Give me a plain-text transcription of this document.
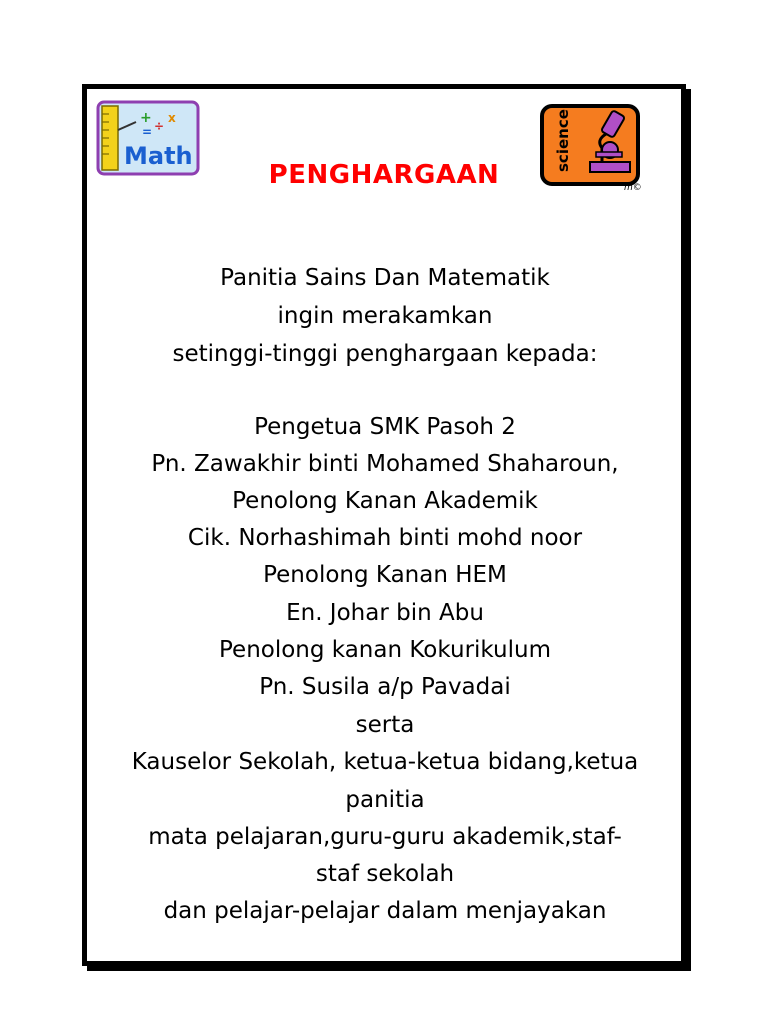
+ ÷
x
=
Math	science
m©
PENGHARGAAN
Panitia Sains Dan Matematik
ingin merakamkan
setinggi-tinggi penghargaan kepada:
Pengetua SMK Pasoh 2
Pn. Zawakhir binti Mohamed Shaharoun,
Penolong Kanan Akademik
Cik. Norhashimah binti mohd noor
Penolong Kanan HEM
En. Johar bin Abu
Penolong kanan Kokurikulum
Pn. Susila a/p Pavadai
serta
Kauselor Sekolah, ketua-ketua bidang,ketua
panitia
mata pelajaran,guru-guru akademik,staf-
staf sekolah
dan pelajar-pelajar dalam menjayakan
